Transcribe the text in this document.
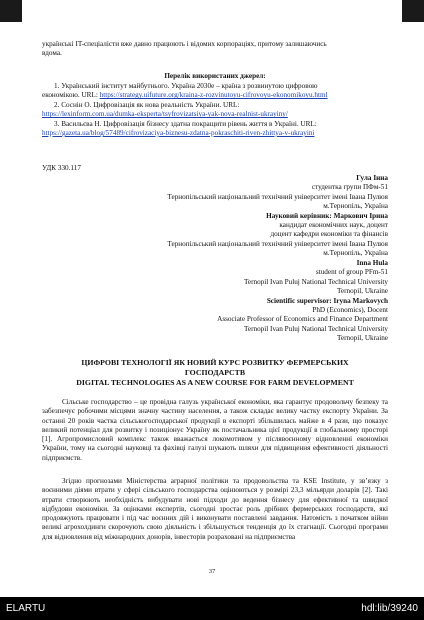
українські IT-спеціалісти вже давно працюють і відомих корпораціях, притому залишаючись
вдома.
Перелік використаних джерел:
1. Український інститут майбутнього. Україна 2030е – країна з розвинутою цифровою
економікою. URL: https://strategy.uifuture.org/kraina-z-rozvinutoyu-cifrovoyu-ekonomikoyu.html
2. Соснін О. Цифровізація як нова реальність України. URL:
https://lexinform.com.ua/dumka-eksperta/tsyfrovizatsiya-yak-nova-realnist-ukrayiny/
3. Васильєва Н. Цифровізація бізнесу здатна покращити рівень життя в Україні. URL:
https://gazeta.ua/blog/57489/cifrovizaciya-biznesu-zdatna-pokraschiti-riven-zhittya-v-ukrayini
УДК 330.117
Гула Інна
студентка групи ПФм-51
Тернопільський національний технічний університет імені Івана Пулюя
м.Тернопіль, Україна
Науковий керівник: Маркович Ірина
кандидат економічних наук, доцент
доцент кафедри економіки та фінансів
Тернопільський національний технічний університет імені Івана Пулюя
м.Тернопіль, Україна
Inna Hula
student of group PFm-51
Ternopil Ivan Puluj National Technical University
Ternopil, Ukraine
Scientific supervisor: Iryna Markovych
PhD (Economics), Docent
Associate Professor of Economics and Finance Department
Ternopil Ivan Puluj National Technical University
Ternopil, Ukraine
ЦИФРОВІ ТЕХНОЛОГІЇ ЯК НОВИЙ КУРС РОЗВИТКУ ФЕРМЕРСЬКИХ
ГОСПОДАРСТВ
DIGITAL TECHNOLOGIES AS A NEW COURSE FOR FARM DEVELOPMENT
Сільське господарство – це провідна галузь української економіки, яка гарантує продовольчу безпеку та забезпечує робочими місцями значну частину населення, а також складає велику частку експорту України. За останні 20 років частка сільськогосподарської продукції в експорті збільшилась майже в 4 рази, що показує великий потенціал для розвитку і позиціонує Україну як постачальника цієї продукції в глобальному просторі [1]. Агропромисловий комплекс також вважається локомотивом у післявоєнному відновленні економіки України, тому на сьогодні науковці та фахівці галузі шукають шляхи для підвищення ефективності діяльності підприємств.
Згідно прогнозами Міністерства аграрної політики та продовольства та KSE Institute, у зв’язку з воєнними діями втрати у сфері сільського господарства оцінюються у розмірі 23,3 мільярди доларів [2]. Такі втрати створюють необхідність вибудувати нові підходи до ведення бізнесу для ефективної та швидкої відбудови економіки. За оцінками експертів, сьогодні зростає роль дрібних фермерських господарств, які продовжують працювати і під час воєнних дій і виконувати поставлені завдання. Натомість з початком війни великі агрохолдинги скорочують свою діяльність і збільшується тенденція до їх стагнації. Сьогодні програми для відновлення від міжнародних донорів, інвесторів розраховані на підприємства
37
ELARTU	hdl:lib/39240
